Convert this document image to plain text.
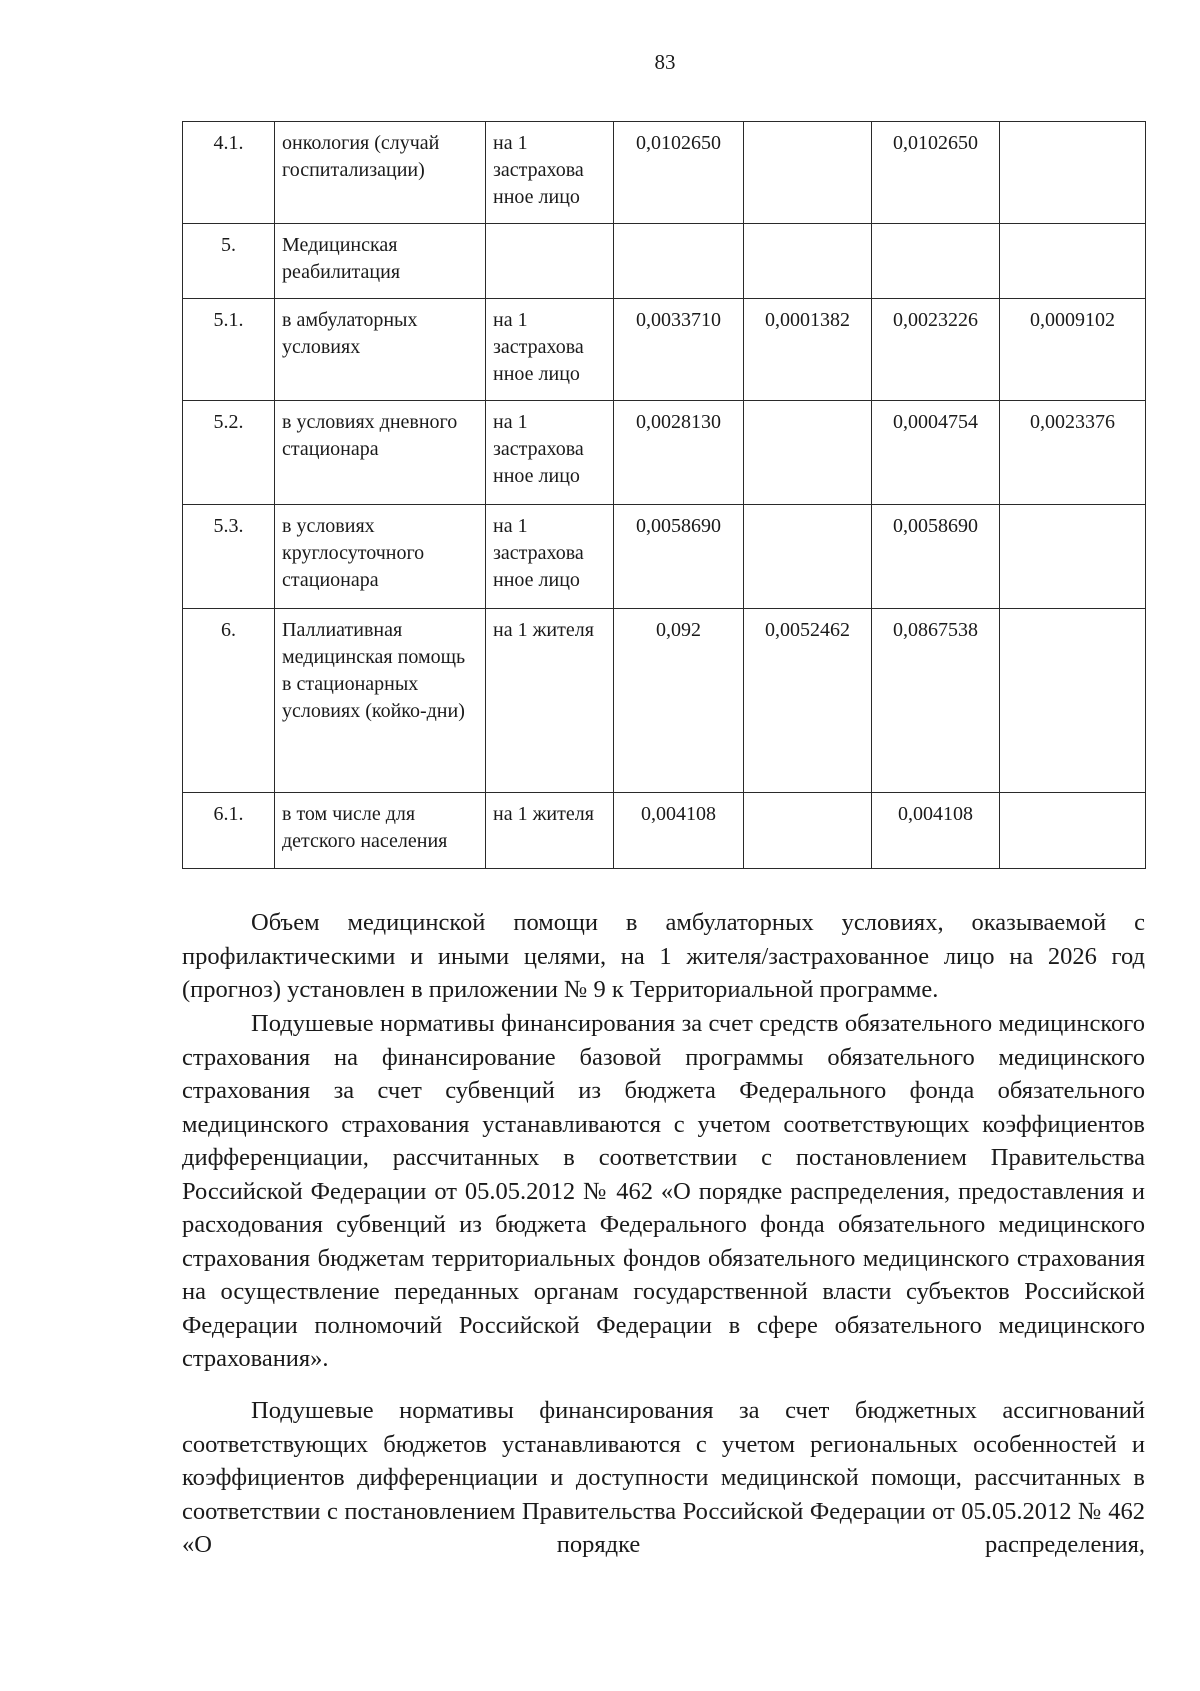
83
4.1.	онкология (случай госпитализации)	на 1 застрахова нное лицо	0,0102650		0,0102650	
5.	Медицинская реабилитация					
5.1.	в амбулаторных условиях	на 1 застрахова нное лицо	0,0033710	0,0001382	0,0023226	0,0009102
5.2.	в условиях дневного стационара	на 1 застрахова нное лицо	0,0028130		0,0004754	0,0023376
5.3.	в условиях круглосуточного стационара	на 1 застрахова нное лицо	0,0058690		0,0058690	
6.	Паллиативная медицинская помощь в стационарных условиях (койко-дни)	на 1 жителя	0,092	0,0052462	0,0867538	
6.1.	в том числе для детского населения	на 1 жителя	0,004108		0,004108	

Объем медицинской помощи в амбулаторных условиях, оказываемой с профилактическими и иными целями, на 1 жителя/застрахованное лицо на 2026 год (прогноз) установлен в приложении № 9 к Территориальной программе.

Подушевые нормативы финансирования за счет средств обязательного медицинского страхования на финансирование базовой программы обязательного медицинского страхования за счет субвенций из бюджета Федерального фонда обязательного медицинского страхования устанавливаются с учетом соответствующих коэффициентов дифференциации, рассчитанных в соответствии с постановлением Правительства Российской Федерации от 05.05.2012 № 462 «О порядке распределения, предоставления и расходования субвенций из бюджета Федерального фонда обязательного медицинского страхования бюджетам территориальных фондов обязательного медицинского страхования на осуществление переданных органам государственной власти субъектов Российской Федерации полномочий Российской Федерации в сфере обязательного медицинского страхования».

Подушевые нормативы финансирования за счет бюджетных ассигнований соответствующих бюджетов устанавливаются с учетом региональных особенностей и коэффициентов дифференциации и доступности медицинской помощи, рассчитанных в соответствии с постановлением Правительства Российской Федерации от 05.05.2012 № 462 «О порядке распределения,
